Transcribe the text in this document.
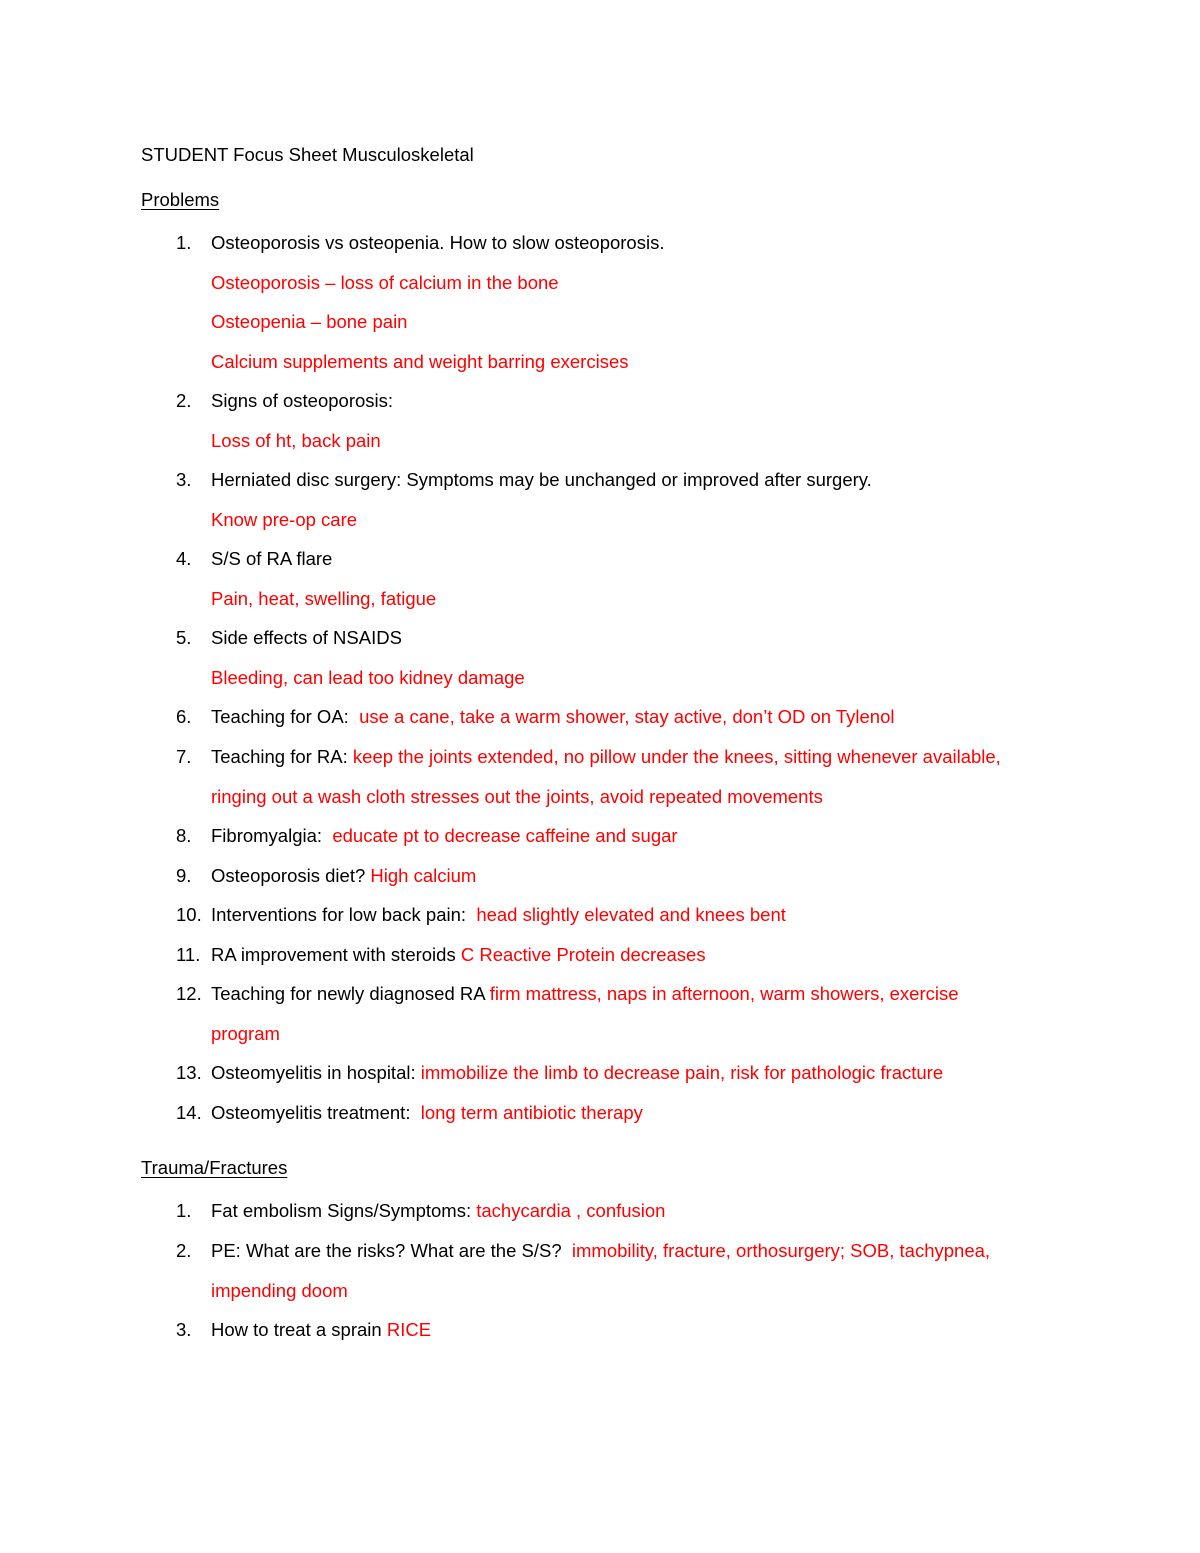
STUDENT Focus Sheet Musculoskeletal
Problems
1. Osteoporosis vs osteopenia. How to slow osteoporosis.
Osteoporosis – loss of calcium in the bone
Osteopenia – bone pain
Calcium supplements and weight barring exercises
2. Signs of osteoporosis:
Loss of ht, back pain
3. Herniated disc surgery: Symptoms may be unchanged or improved after surgery.
Know pre-op care
4. S/S of RA flare
Pain, heat, swelling, fatigue
5. Side effects of NSAIDS
Bleeding, can lead too kidney damage
6. Teaching for OA: use a cane, take a warm shower, stay active, don’t OD on Tylenol
7. Teaching for RA: keep the joints extended, no pillow under the knees, sitting whenever available,
ringing out a wash cloth stresses out the joints, avoid repeated movements
8. Fibromyalgia: educate pt to decrease caffeine and sugar
9. Osteoporosis diet? High calcium
10. Interventions for low back pain: head slightly elevated and knees bent
11. RA improvement with steroids C Reactive Protein decreases
12. Teaching for newly diagnosed RA firm mattress, naps in afternoon, warm showers, exercise
program
13. Osteomyelitis in hospital: immobilize the limb to decrease pain, risk for pathologic fracture
14. Osteomyelitis treatment: long term antibiotic therapy
Trauma/Fractures
1. Fat embolism Signs/Symptoms: tachycardia , confusion
2. PE: What are the risks? What are the S/S? immobility, fracture, orthosurgery; SOB, tachypnea,
impending doom
3. How to treat a sprain RICE
